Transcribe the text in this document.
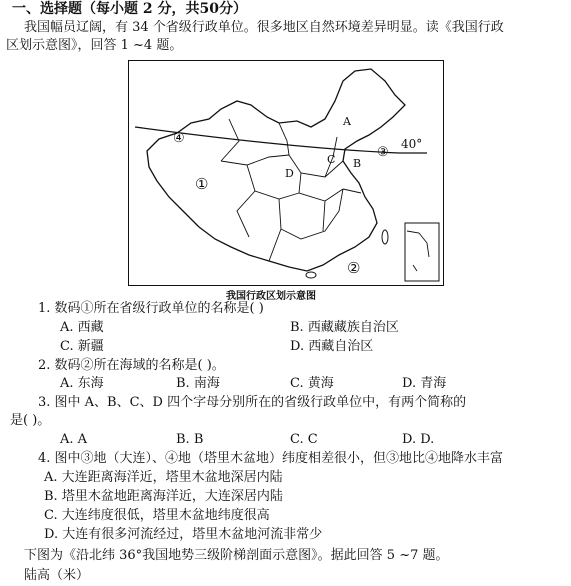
一、选择题（每小题 2 分，共50分）
我国幅员辽阔，有 34 个省级行政单位。很多地区自然环境差异明显。读《我国行政
区划示意图》，回答 1 ~4 题。
④
①
②
③
A
B
C
D
40°
我国行政区划示意图
1. 数码①所在省级行政单位的名称是( )
A. 西藏	B. 西藏藏族自治区
C. 新疆	D. 西藏自治区
2. 数码②所在海域的名称是( )。
A. 东海	B. 南海	C. 黄海	D. 青海
3. 图中 A、B、C、D 四个字母分别所在的省级行政单位中，有两个简称的
是( )。
A. A	B. B	C. C	D. D.
4. 图中③地（大连）、④地（塔里木盆地）纬度相差很小，但③地比④地降水丰富
A. 大连距离海洋近，塔里木盆地深居内陆
B. 塔里木盆地距离海洋近，大连深居内陆
C. 大连纬度很低，塔里木盆地纬度很高
D. 大连有很多河流经过，塔里木盆地河流非常少
下图为《沿北纬 36°我国地势三级阶梯剖面示意图》。据此回答 5 ~7 题。
陆高（米）
